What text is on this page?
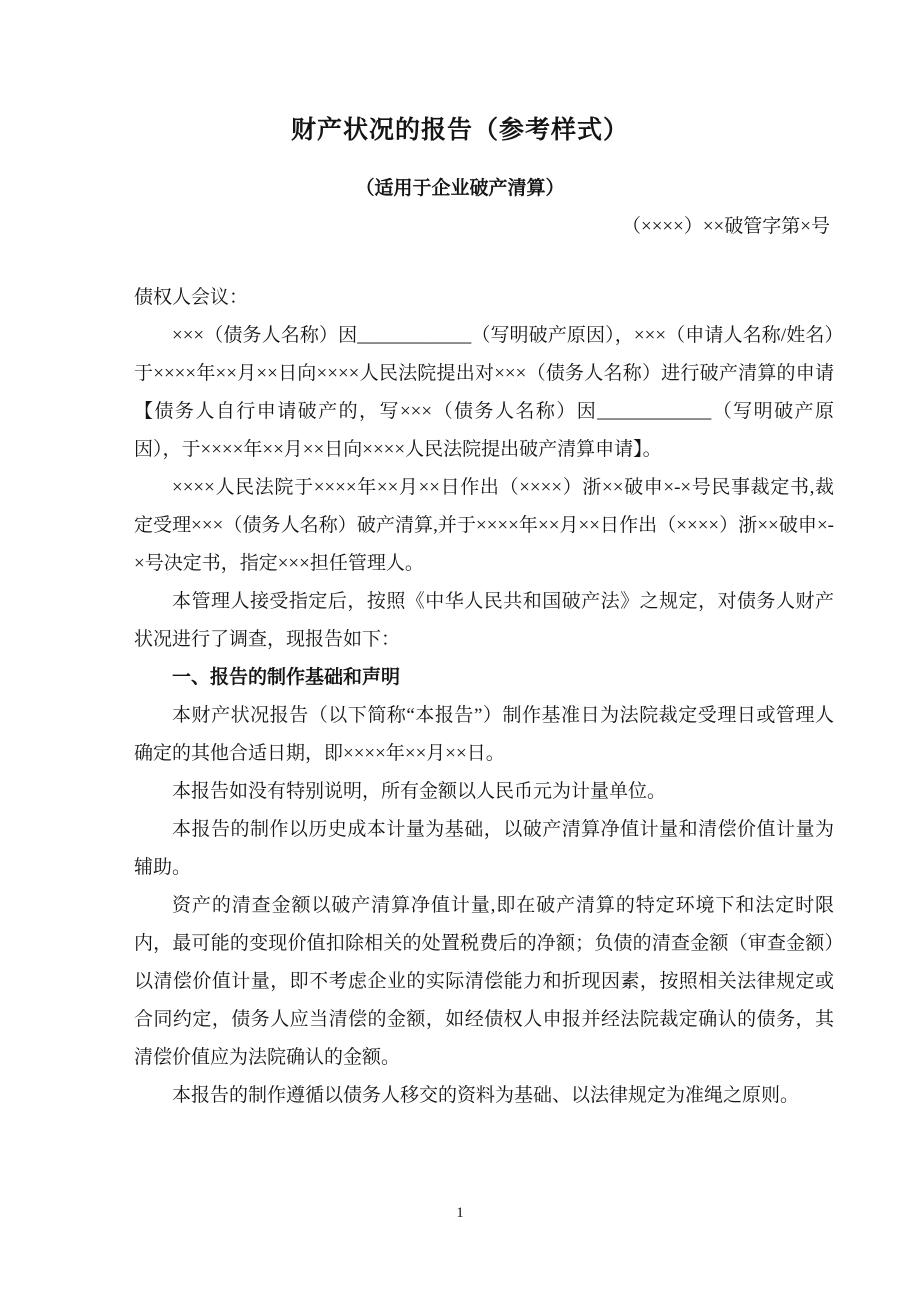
财产状况的报告（参考样式）
（适用于企业破产清算）
（××××）××破管字第×号

债权人会议：

×××（债务人名称）因____________（写明破产原因），×××（申请人名称/姓名）于××××年××月××日向××××人民法院提出对×××（债务人名称）进行破产清算的申请【债务人自行申请破产的，写×××（债务人名称）因____________（写明破产原因），于××××年××月××日向××××人民法院提出破产清算申请】。

××××人民法院于××××年××月××日作出（××××）浙××破申×-×号民事裁定书,裁定受理×××（债务人名称）破产清算,并于××××年××月××日作出（××××）浙××破申×-×号决定书，指定×××担任管理人。

本管理人接受指定后，按照《中华人民共和国破产法》之规定，对债务人财产状况进行了调查，现报告如下：

一、报告的制作基础和声明

本财产状况报告（以下简称“本报告”）制作基准日为法院裁定受理日或管理人确定的其他合适日期，即××××年××月××日。

本报告如没有特别说明，所有金额以人民币元为计量单位。

本报告的制作以历史成本计量为基础，以破产清算净值计量和清偿价值计量为辅助。

资产的清查金额以破产清算净值计量,即在破产清算的特定环境下和法定时限内，最可能的变现价值扣除相关的处置税费后的净额；负债的清查金额（审查金额）以清偿价值计量，即不考虑企业的实际清偿能力和折现因素，按照相关法律规定或合同约定，债务人应当清偿的金额，如经债权人申报并经法院裁定确认的债务，其清偿价值应为法院确认的金额。

本报告的制作遵循以债务人移交的资料为基础、以法律规定为准绳之原则。

1
